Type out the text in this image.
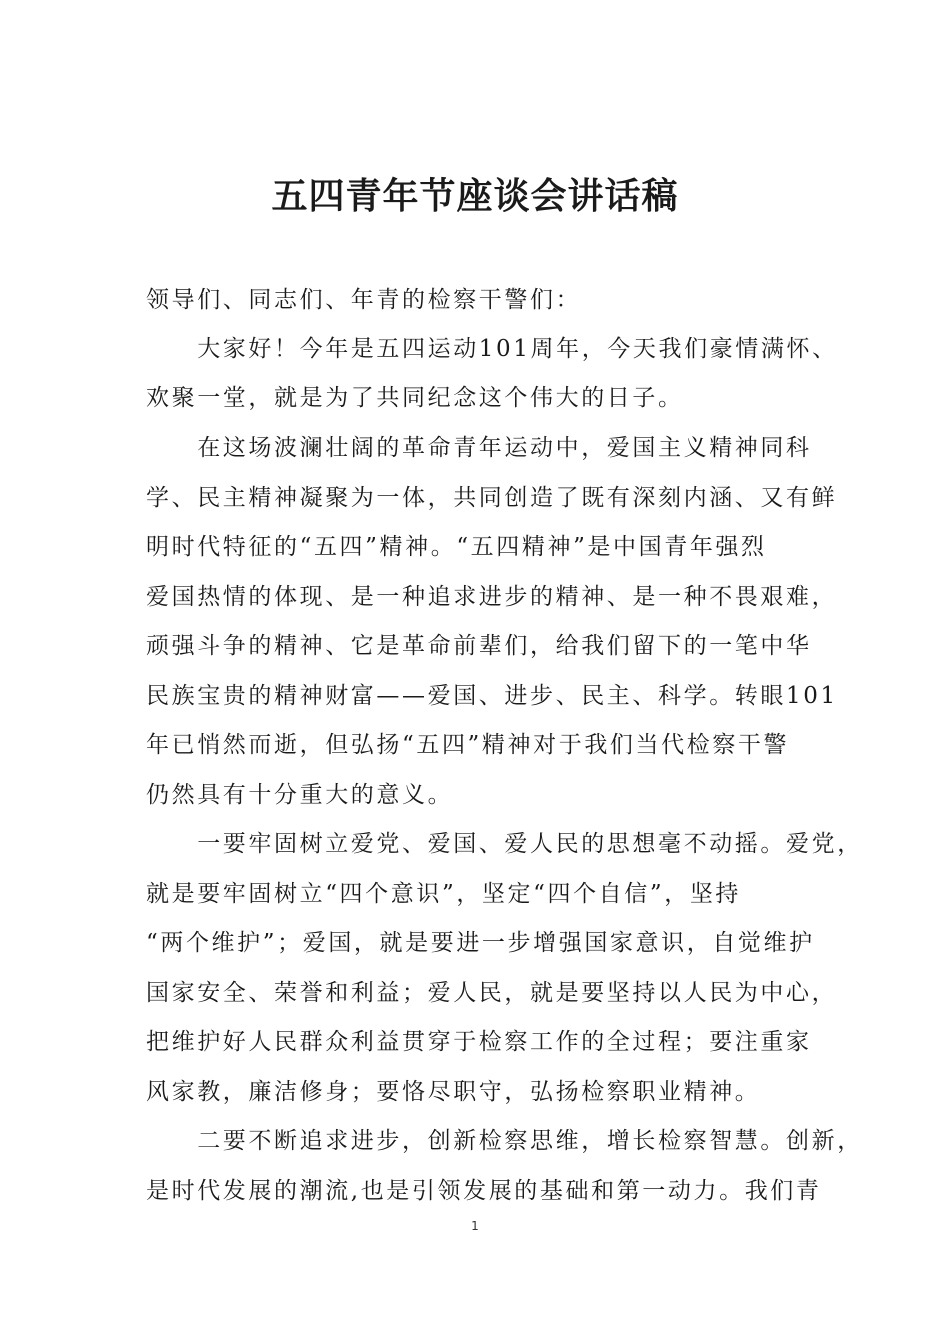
五四青年节座谈会讲话稿
领导们、同志们、年青的检察干警们：
　　大家好！今年是五四运动101周年，今天我们豪情满怀、
欢聚一堂，就是为了共同纪念这个伟大的日子。
　　在这场波澜壮阔的革命青年运动中，爱国主义精神同科
学、民主精神凝聚为一体，共同创造了既有深刻内涵、又有鲜
明时代特征的“五四”精神。“五四精神”是中国青年强烈
爱国热情的体现、是一种追求进步的精神、是一种不畏艰难，
顽强斗争的精神、它是革命前辈们，给我们留下的一笔中华
民族宝贵的精神财富——爱国、进步、民主、科学。转眼101
年已悄然而逝，但弘扬“五四”精神对于我们当代检察干警
仍然具有十分重大的意义。
　　一要牢固树立爱党、爱国、爱人民的思想毫不动摇。爱党，
就是要牢固树立“四个意识”，坚定“四个自信”，坚持
“两个维护”；爱国，就是要进一步增强国家意识，自觉维护
国家安全、荣誉和利益；爱人民，就是要坚持以人民为中心，
把维护好人民群众利益贯穿于检察工作的全过程；要注重家
风家教，廉洁修身；要恪尽职守，弘扬检察职业精神。
　　二要不断追求进步，创新检察思维，增长检察智慧。创新，
是时代发展的潮流,也是引领发展的基础和第一动力。我们青
1
